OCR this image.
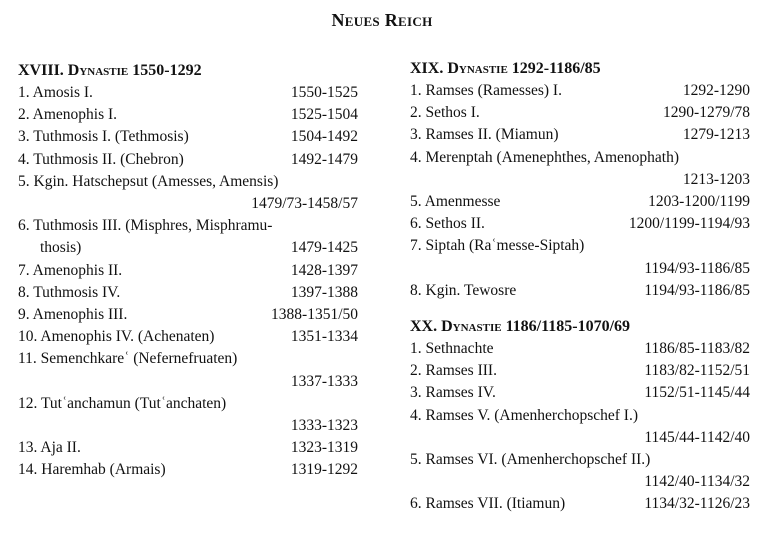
Neues Reich
XVIII. Dynastie 1550-1292
1. Amosis I.	1550-1525
2. Amenophis I.	1525-1504
3. Tuthmosis I. (Tethmosis)	1504-1492
4. Tuthmosis II. (Chebron)	1492-1479
5. Kgin. Hatschepsut (Amesses, Amensis)
1479/73-1458/57
6. Tuthmosis III. (Misphres, Misphramu-
thosis)	1479-1425
7. Amenophis II.	1428-1397
8. Tuthmosis IV.	1397-1388
9. Amenophis III.	1388-1351/50
10. Amenophis IV. (Achenaten)	1351-1334
11. Semenchkareʿ (Nefernefruaten)
1337-1333
12. Tutʿanchamun (Tutʿanchaten)
1333-1323
13. Aja II.	1323-1319
14. Haremhab (Armais)	1319-1292
XIX. Dynastie 1292-1186/85
1. Ramses (Ramesses) I.	1292-1290
2. Sethos I.	1290-1279/78
3. Ramses II. (Miamun)	1279-1213
4. Merenptah (Amenephthes, Amenophath)
1213-1203
5. Amenmesse	1203-1200/1199
6. Sethos II.	1200/1199-1194/93
7. Siptah (Raʿmesse-Siptah)
1194/93-1186/85
8. Kgin. Tewosre	1194/93-1186/85
XX. Dynastie 1186/1185-1070/69
1. Sethnachte	1186/85-1183/82
2. Ramses III.	1183/82-1152/51
3. Ramses IV.	1152/51-1145/44
4. Ramses V. (Amenherchopschef I.)
1145/44-1142/40
5. Ramses VI. (Amenherchopschef II.)
1142/40-1134/32
6. Ramses VII. (Itiamun)	1134/32-1126/23
